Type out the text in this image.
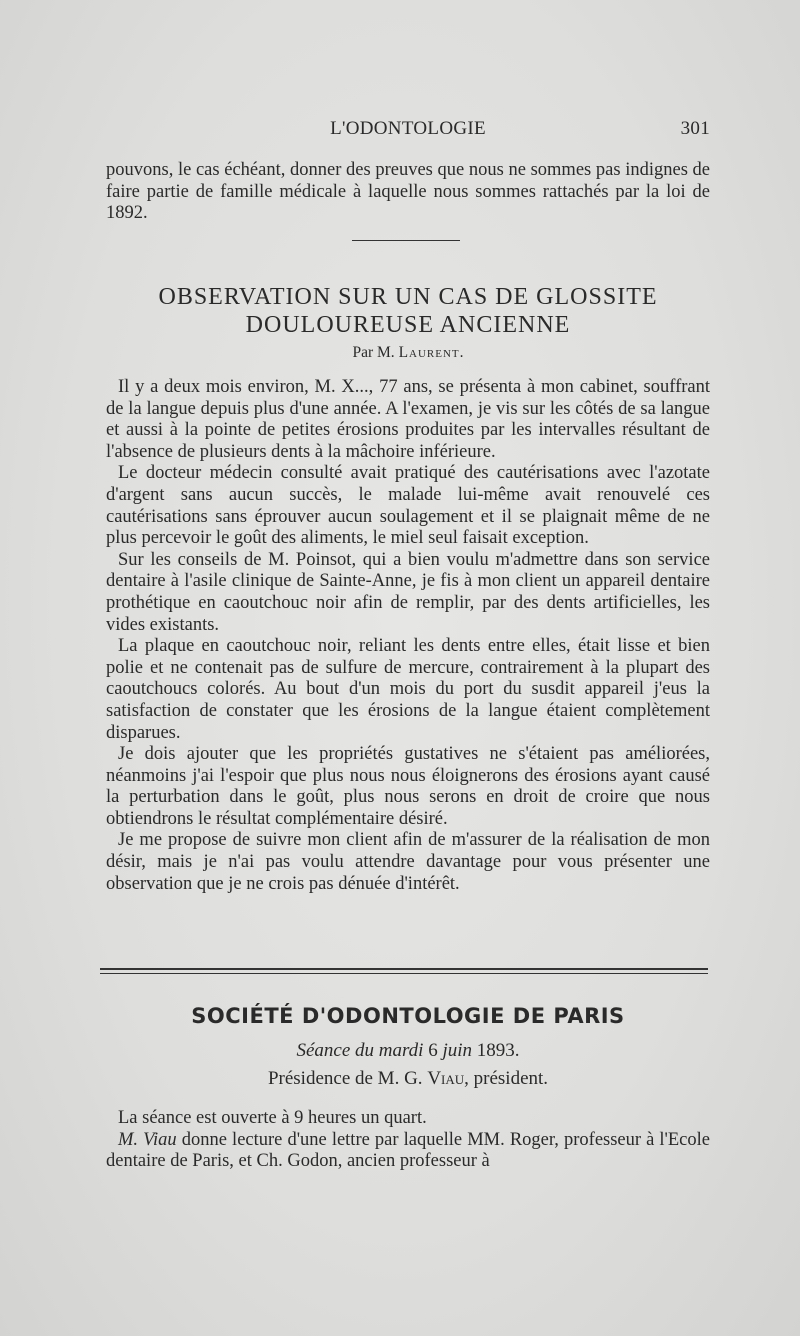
L'ODONTOLOGIE	301

pouvons, le cas échéant, donner des preuves que nous ne sommes pas indignes de faire partie de famille médicale à laquelle nous sommes rattachés par la loi de 1892.

OBSERVATION SUR UN CAS DE GLOSSITE
DOULOUREUSE ANCIENNE
Par M. Laurent.

Il y a deux mois environ, M. X..., 77 ans, se présenta à mon cabinet, souffrant de la langue depuis plus d'une année. A l'examen, je vis sur les côtés de sa langue et aussi à la pointe de petites érosions produites par les intervalles résultant de l'absence de plusieurs dents à la mâchoire inférieure.

Le docteur médecin consulté avait pratiqué des cautérisations avec l'azotate d'argent sans aucun succès, le malade lui-même avait renouvelé ces cautérisations sans éprouver aucun soulagement et il se plaignait même de ne plus percevoir le goût des aliments, le miel seul faisait exception.

Sur les conseils de M. Poinsot, qui a bien voulu m'admettre dans son service dentaire à l'asile clinique de Sainte-Anne, je fis à mon client un appareil dentaire prothétique en caoutchouc noir afin de remplir, par des dents artificielles, les vides existants.

La plaque en caoutchouc noir, reliant les dents entre elles, était lisse et bien polie et ne contenait pas de sulfure de mercure, contrairement à la plupart des caoutchoucs colorés. Au bout d'un mois du port du susdit appareil j'eus la satisfaction de constater que les érosions de la langue étaient complètement disparues.

Je dois ajouter que les propriétés gustatives ne s'étaient pas améliorées, néanmoins j'ai l'espoir que plus nous nous éloignerons des érosions ayant causé la perturbation dans le goût, plus nous serons en droit de croire que nous obtiendrons le résultat complémentaire désiré.

Je me propose de suivre mon client afin de m'assurer de la réalisation de mon désir, mais je n'ai pas voulu attendre davantage pour vous présenter une observation que je ne crois pas dénuée d'intérêt.

SOCIÉTÉ D'ODONTOLOGIE DE PARIS
Séance du mardi 6 juin 1893.
Présidence de M. G. Viau, président.

La séance est ouverte à 9 heures un quart.

M. Viau donne lecture d'une lettre par laquelle MM. Roger, professeur à l'Ecole dentaire de Paris, et Ch. Godon, ancien professeur à
